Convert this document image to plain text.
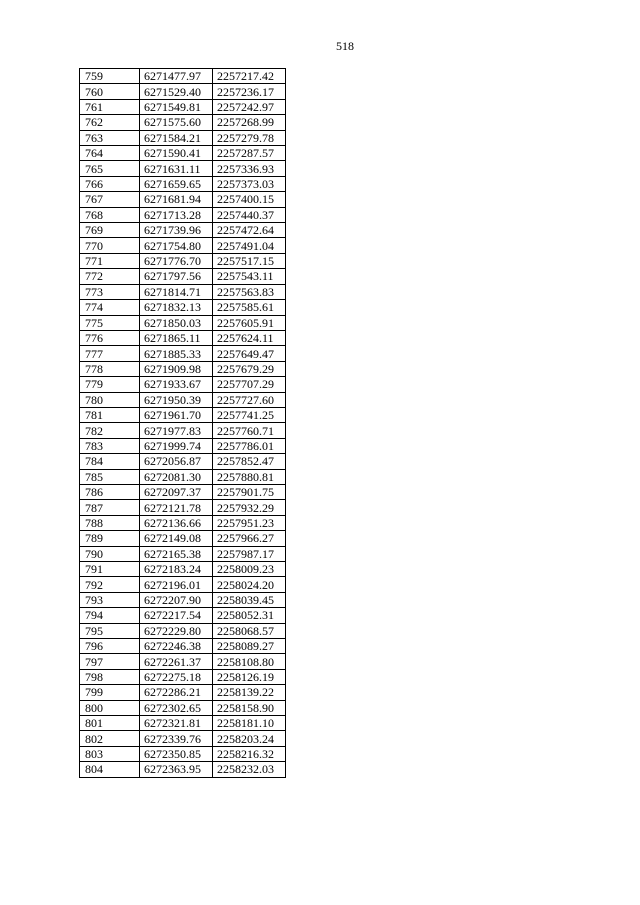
518
759	6271477.97	2257217.42
760	6271529.40	2257236.17
761	6271549.81	2257242.97
762	6271575.60	2257268.99
763	6271584.21	2257279.78
764	6271590.41	2257287.57
765	6271631.11	2257336.93
766	6271659.65	2257373.03
767	6271681.94	2257400.15
768	6271713.28	2257440.37
769	6271739.96	2257472.64
770	6271754.80	2257491.04
771	6271776.70	2257517.15
772	6271797.56	2257543.11
773	6271814.71	2257563.83
774	6271832.13	2257585.61
775	6271850.03	2257605.91
776	6271865.11	2257624.11
777	6271885.33	2257649.47
778	6271909.98	2257679.29
779	6271933.67	2257707.29
780	6271950.39	2257727.60
781	6271961.70	2257741.25
782	6271977.83	2257760.71
783	6271999.74	2257786.01
784	6272056.87	2257852.47
785	6272081.30	2257880.81
786	6272097.37	2257901.75
787	6272121.78	2257932.29
788	6272136.66	2257951.23
789	6272149.08	2257966.27
790	6272165.38	2257987.17
791	6272183.24	2258009.23
792	6272196.01	2258024.20
793	6272207.90	2258039.45
794	6272217.54	2258052.31
795	6272229.80	2258068.57
796	6272246.38	2258089.27
797	6272261.37	2258108.80
798	6272275.18	2258126.19
799	6272286.21	2258139.22
800	6272302.65	2258158.90
801	6272321.81	2258181.10
802	6272339.76	2258203.24
803	6272350.85	2258216.32
804	6272363.95	2258232.03
